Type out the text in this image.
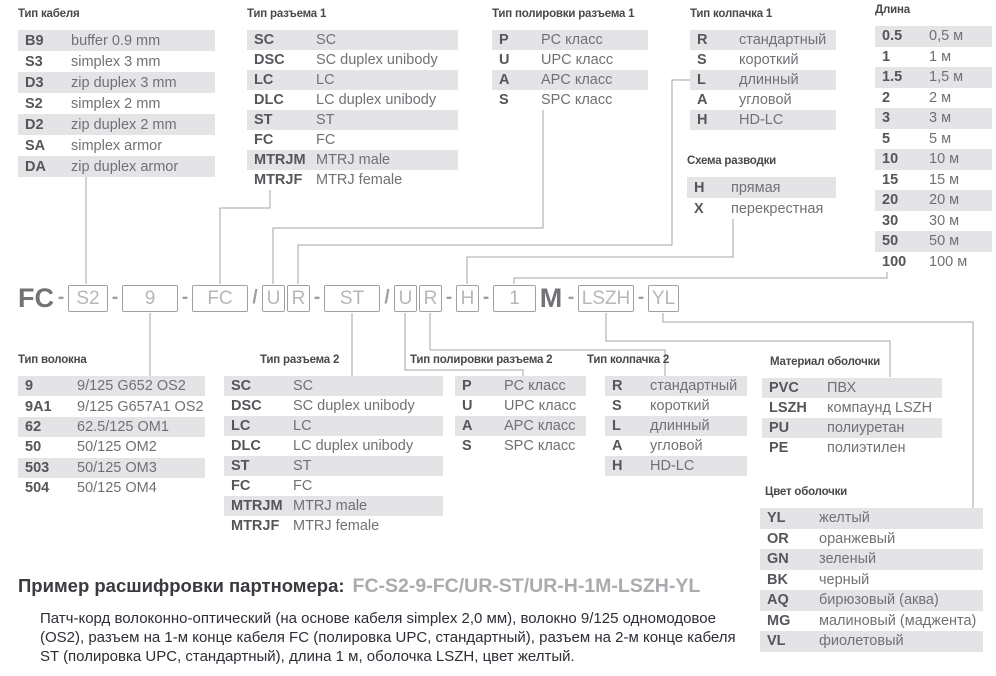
Тип кабеля
B9	buffer 0.9 mm
S3	simplex 3 mm
D3	zip duplex 3 mm
S2	simplex 2 mm
D2	zip duplex 2 mm
SA	simplex armor
DA	zip duplex armor
Тип разъема 1
SC	SC
DSC	SC duplex unibody
LC	LC
DLC	LC duplex unibody
ST	ST
FC	FC
MTRJM MTRJ male
MTRJF MTRJ female
Тип полировки разъема 1
P	PC класс
U	UPC класс
A	APC класс
S	SPC класс
Тип колпачка 1
R	стандартный
S	короткий
L	длинный
A	угловой
H	HD-LC
Схема разводки
H	прямая
X	перекрестная
Длина
0.5	0,5 м
1	1 м
1.5	1,5 м
2	2 м
3	3 м
5	5 м
10	10 м
15	15 м
20	20 м
30	30 м
50	50 м
100	100 м
FC - S2 -	9	-	FC	/ U R -	ST	/ U R - H -	1 M - LSZH - YL
Тип волокна
9	9/125 G652 OS2
9A1	9/125 G657A1 OS2
62	62.5/125 OM1
50	50/125 OM2
503	50/125 OM3
504	50/125 OM4
Тип разъема 2
SC	SC
DSC	SC duplex unibody
LC	LC
DLC	LC duplex unibody
ST	ST
FC	FC
MTRJM MTRJ male
MTRJF MTRJ female
Тип полировки разъема 2
P	PC класс
U	UPC класс
A	APC класс
S	SPC класс
Тип колпачка 2
R	стандартный
S	короткий
L	длинный
A	угловой
H	HD-LC
Материал оболочки
PVC	ПВХ
LSZH	компаунд LSZH
PU	полиуретан
PE	полиэтилен
Цвет оболочки
YL	желтый
OR	оранжевый
GN	зеленый
BK	черный
AQ	бирюзовый (аква)
MG	малиновый (маджента)
VL	фиолетовый
Пример расшифровки партномера: FC-S2-9-FC/UR-ST/UR-H-1M-LSZH-YL
Патч-корд волоконно-оптический (на основе кабеля simplex 2,0 мм), волокно 9/125 одномодовое (OS2), разъем на 1-м конце кабеля FC (полировка UPC, стандартный), разъем на 2-м конце кабеля ST (полировка UPC, стандартный), длина 1 м, оболочка LSZH, цвет желтый.
